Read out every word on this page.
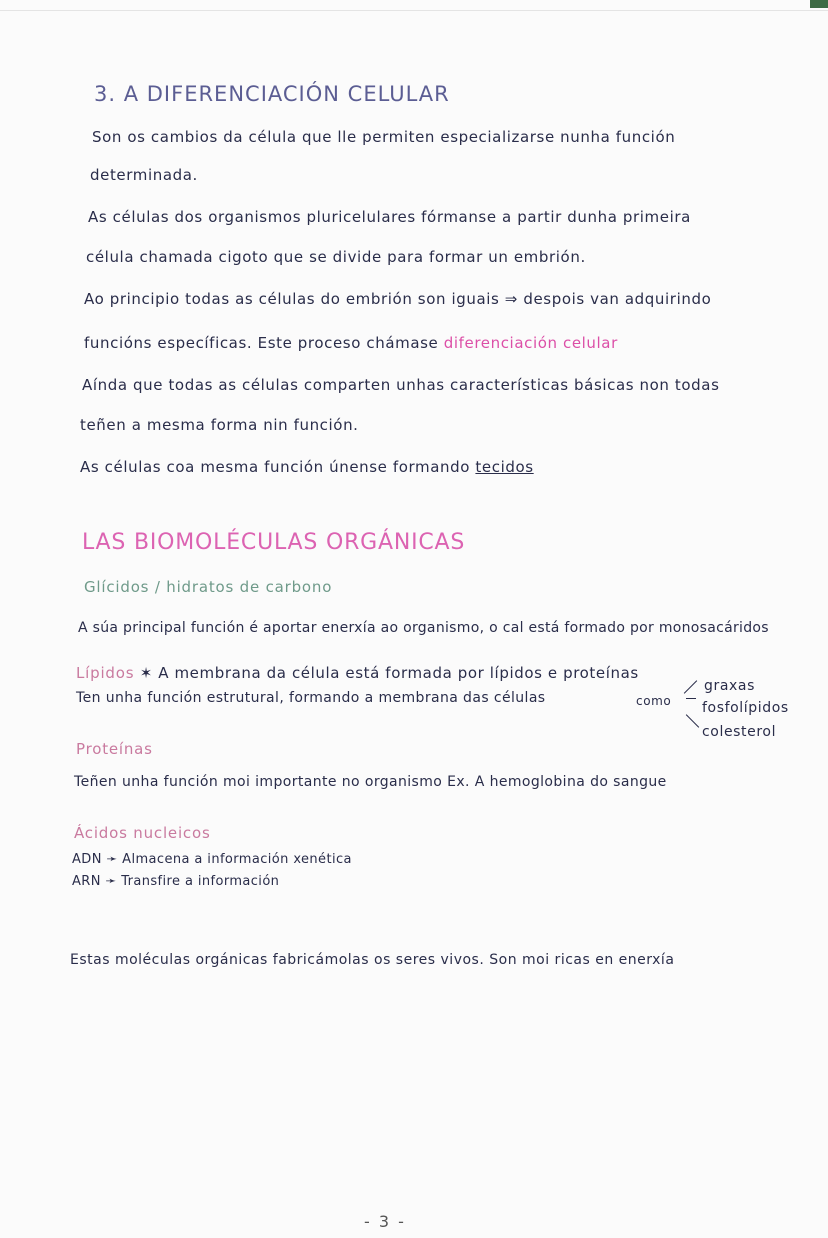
3. A DIFERENCIACIÓN CELULAR
Son os cambios da célula que lle permiten especializarse nunha función
determinada.
As células dos organismos pluricelulares fórmanse a partir dunha primeira
célula chamada cigoto que se divide para formar un embrión.
Ao principio todas as células do embrión son iguais ⇒ despois van adquirindo
funcións específicas. Este proceso chámase diferenciación celular
Aínda que todas as células comparten unhas características básicas non todas
teñen a mesma forma nin función.
As células coa mesma función únense formando tecidos
LAS BIOMOLÉCULAS ORGÁNICAS
Glícidos / hidratos de carbono
A súa principal función é aportar enerxía ao organismo, o cal está formado por monosacáridos
Lípidos ✶ A membrana da célula está formada por lípidos e proteínas
Ten unha función estrutural, formando a membrana das células	como
graxas
fosfolípidos
colesterol
Proteínas
Teñen unha función moi importante no organismo Ex. A hemoglobina do sangue
Ácidos nucleicos
ADN ➛ Almacena a información xenética
ARN ➛ Transfire a información
Estas moléculas orgánicas fabricámolas os seres vivos. Son moi ricas en enerxía
- 3 -
